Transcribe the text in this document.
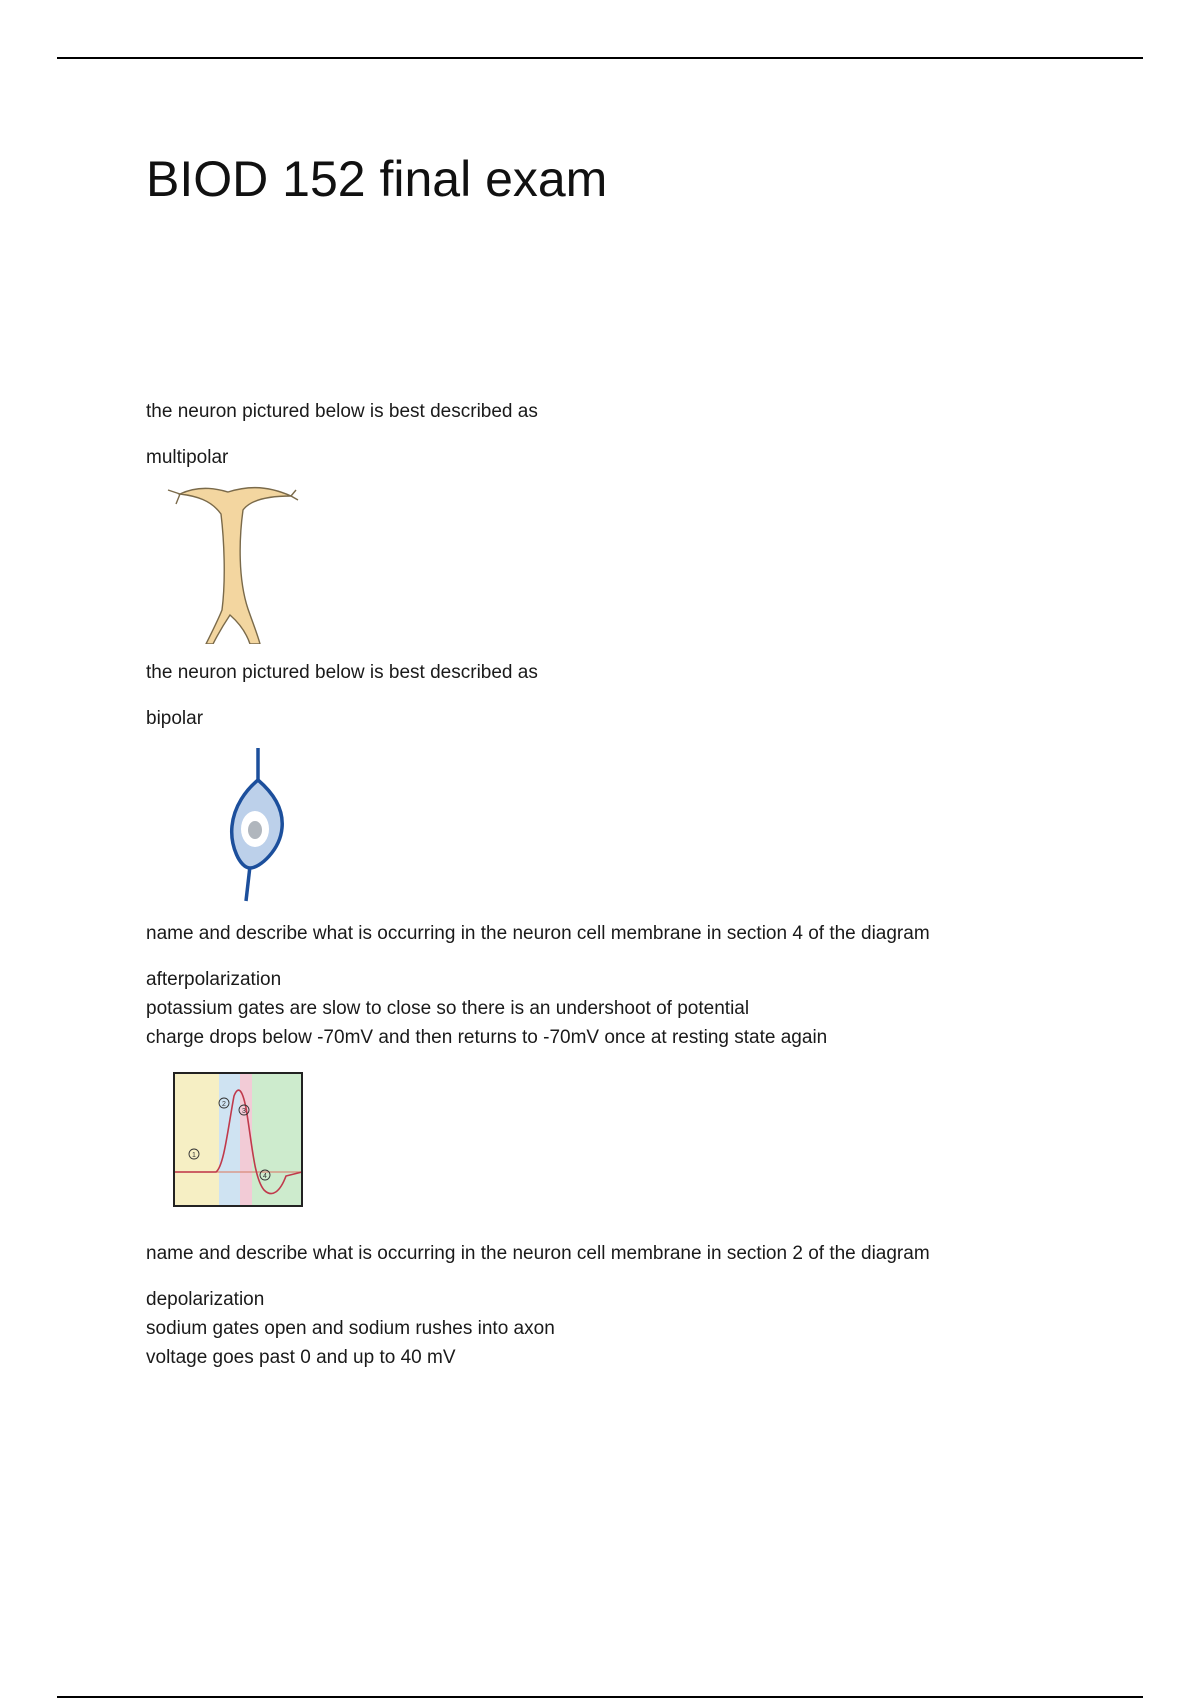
BIOD 152 final exam

the neuron pictured below is best described as

multipolar

the neuron pictured below is best described as

bipolar

name and describe what is occurring in the neuron cell membrane in section 4 of the diagram

afterpolarization

potassium gates are slow to close so there is an undershoot of potential

charge drops below -70mV and then returns to -70mV once at resting state again

1
2
3
4

name and describe what is occurring in the neuron cell membrane in section 2 of the diagram

depolarization

sodium gates open and sodium rushes into axon

voltage goes past 0 and up to 40 mV
